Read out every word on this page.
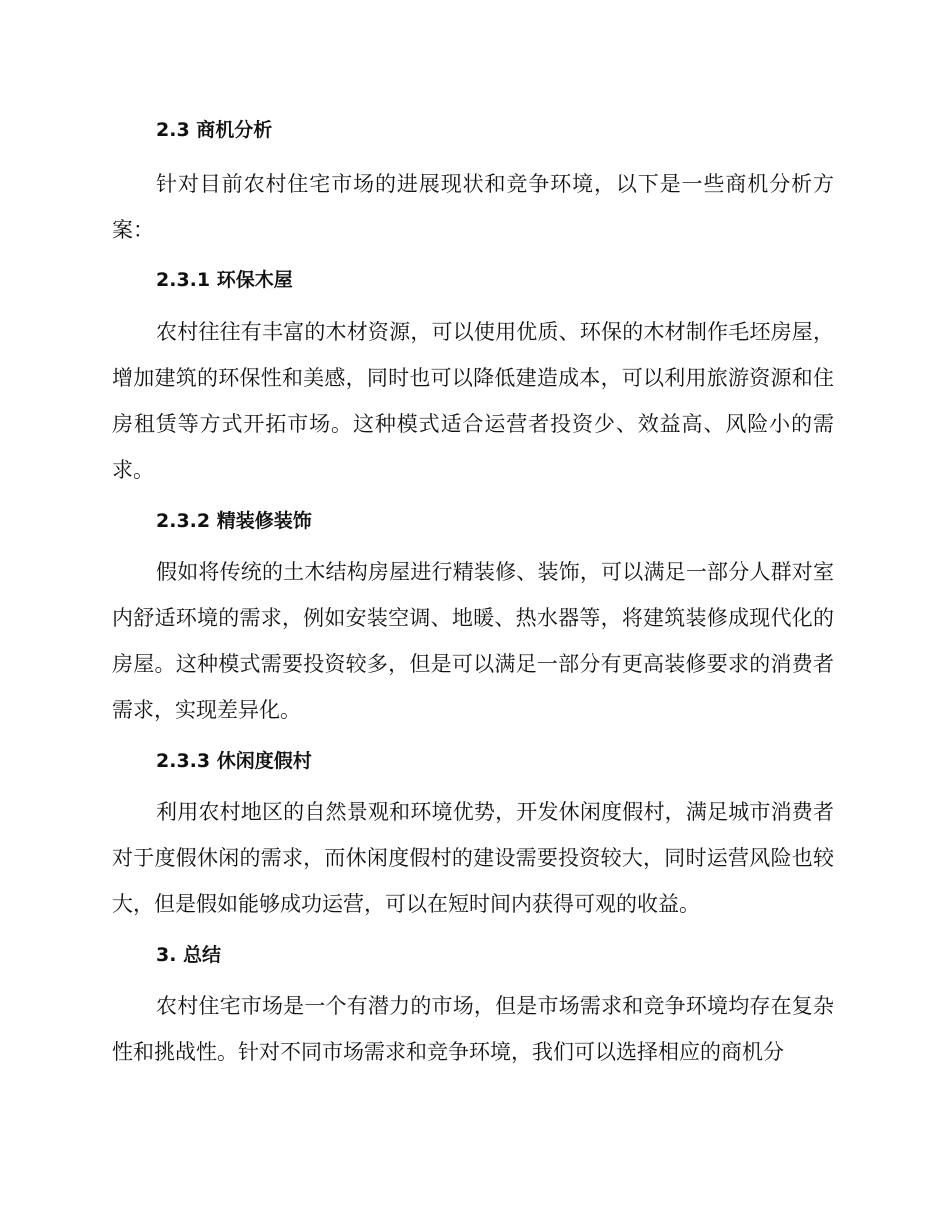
2.3 商机分析

针对目前农村住宅市场的进展现状和竞争环境，以下是一些商机分析方案：

2.3.1 环保木屋

农村往往有丰富的木材资源，可以使用优质、环保的木材制作毛坯房屋，增加建筑的环保性和美感，同时也可以降低建造成本，可以利用旅游资源和住房租赁等方式开拓市场。这种模式适合运营者投资少、效益高、风险小的需求。

2.3.2 精装修装饰

假如将传统的土木结构房屋进行精装修、装饰，可以满足一部分人群对室内舒适环境的需求，例如安装空调、地暖、热水器等，将建筑装修成现代化的房屋。这种模式需要投资较多，但是可以满足一部分有更高装修要求的消费者需求，实现差异化。

2.3.3 休闲度假村

利用农村地区的自然景观和环境优势，开发休闲度假村，满足城市消费者对于度假休闲的需求，而休闲度假村的建设需要投资较大，同时运营风险也较大，但是假如能够成功运营，可以在短时间内获得可观的收益。

3. 总结

农村住宅市场是一个有潜力的市场，但是市场需求和竞争环境均存在复杂性和挑战性。针对不同市场需求和竞争环境，我们可以选择相应的商机分
